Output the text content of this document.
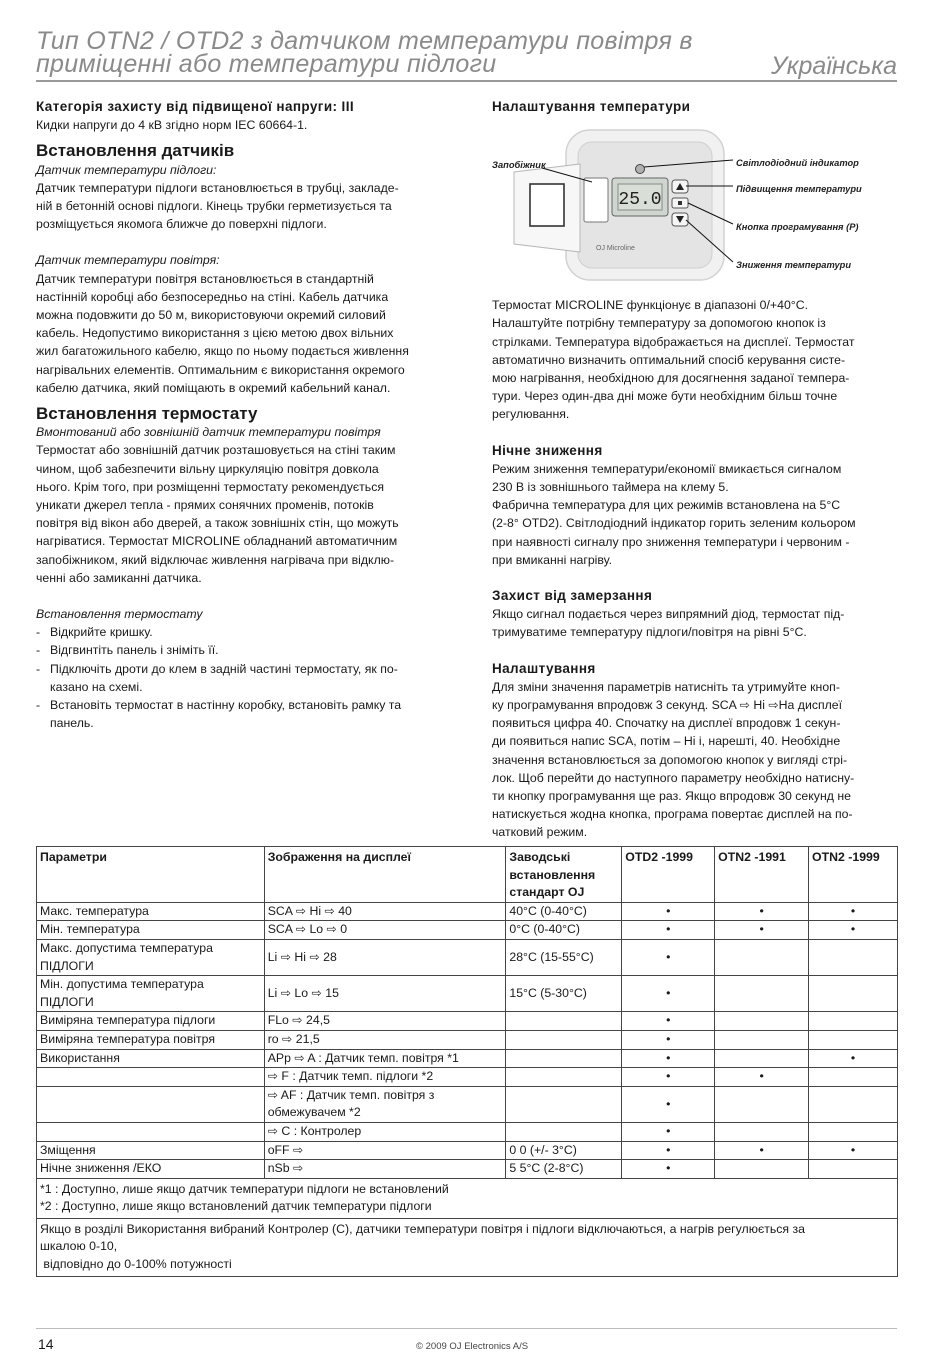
Тип OTN2 / OTD2 з датчиком температури повітря в
приміщенні або температури підлоги	Українська

Категорія захисту від підвищеної напруги: III

Кидки напруги до 4 кВ згідно норм IEC 60664-1.

Встановлення датчиків

Датчик температури підлоги:

Датчик температури підлоги встановлюється в трубці, закладе-

ній в бетонній основі підлоги. Кінець трубки герметизується та

розміщується якомога ближче до поверхні підлоги.

Датчик температури повітря:

Датчик температури повітря встановлюється в стандартній

настінній коробці або безпосередньо на стіні. Кабель датчика

можна подовжити до 50 м, використовуючи окремий силовий

кабель. Недопустимо використання з цією метою двох вільних

жил багатожильного кабелю, якщо по ньому подається живлення

нагрівальних елементів. Оптимальним є використання окремого

кабелю датчика, який поміщають в окремий кабельний канал.

Встановлення термостату

Вмонтований або зовнішній датчик температури повітря

Термостат або зовнішній датчик розташовується на стіні таким

чином, щоб забезпечити вільну циркуляцію повітря довкола

нього. Крім того, при розміщенні термостату рекомендується

уникати джерел тепла - прямих сонячних променів, потоків

повітря від вікон або дверей, а також зовнішніх стін, що можуть

нагріватися. Термостат MICROLINE обладнаний автоматичним

запобіжником, який відключає живлення нагрівача при відклю-

ченні або замиканні датчика.

Встановлення термостату

- Відкрийте кришку.
- Відгвинтіть панель і зніміть її.
- Підключіть дроти до клем в задній частині термостату, як по-
казано на схемі.
- Встановіть термостат в настінну коробку, встановіть рамку та
панель.

Налаштування температури

25.0
OJ Microline
Запобіжник	Світлодіодний індикатор
Підвищення температури
Кнопка програмування (P)
Зниження температури

Термостат MICROLINE функціонує в діапазоні 0/+40°C.

Налаштуйте потрібну температуру за допомогою кнопок із

стрілками. Температура відображається на дисплеї. Термостат

автоматично визначить оптимальний спосіб керування систе-

мою нагрівання, необхідною для досягнення заданої темпера-

тури. Через один-два дні може бути необхідним більш точне

регулювання.

Нічне зниження

Режим зниження температури/економії вмикається сигналом

230 В із зовнішнього таймера на клему 5.

Фабрична температура для цих режимів встановлена на 5°C

(2-8° OTD2). Світлодіодний індикатор горить зеленим кольором

при наявності сигналу про зниження температури і червоним -

при вмиканні нагріву.

Захист від замерзання

Якщо сигнал подається через випрямний діод, термостат під-

тримуватиме температуру підлоги/повітря на рівні 5°C.

Налаштування

Для зміни значення параметрів натисніть та утримуйте кноп-

ку програмування впродовж 3 секунд. SCA ⇨ Hi ⇨На дисплеї

появиться цифра 40. Спочатку на дисплеї впродовж 1 секун-

ди появиться напис SCA, потім – Hi і, нарешті, 40. Необхідне

значення встановлюється за допомогою кнопок у вигляді стрі-

лок. Щоб перейти до наступного параметру необхідно натисну-

ти кнопку програмування ще раз. Якщо впродовж 30 секунд не

натискується жодна кнопка, програма повертає дисплей на по-

чатковий режим.

Параметри	Зображення на дисплеї	Заводські встановлення стандарт OJ	OTD2 -1999	OTN2 -1991	OTN2 -1999
Макс. температура	SCA ⇨ Hi ⇨ 40	40°C (0-40°C)	•	•	•
Мін. температура	SCA ⇨ Lo ⇨ 0	0°C (0-40°C)	•	•	•
Макс. допустима температура ПІДЛОГИ	Li ⇨ Hi ⇨ 28	28°C (15-55°C)	•		
Мін. допустима температура ПІДЛОГИ	Li ⇨ Lo ⇨ 15	15°C (5-30°C)	•		
Виміряна температура підлоги	FLo ⇨ 24,5		•		
Виміряна температура повітря	ro ⇨ 21,5		•		
Використання	APp ⇨ A : Датчик темп. повітря *1		•		•
	⇨ F : Датчик темп. підлоги *2		•	•	
	⇨ AF : Датчик темп. повітря з обмежувачем *2		•		
	⇨ C : Контролер		•		
Зміщення	oFF ⇨	0 0 (+/- 3°C)	•	•	•
Нічне зниження /ЕКО	nSb ⇨	5 5°C (2-8°C)	•		

*1 : Доступно, лише якщо датчик температури підлоги не встановлений
*2 : Доступно, лише якщо встановлений датчик температури підлоги					

Якщо в розділі Використання вибраний Контролер (C), датчики температури повітря і підлоги відключаються, а нагрів регулюється за
шкалою 0-10,
відповідно до 0-100% потужності					
14	© 2009 OJ Electronics A/S
